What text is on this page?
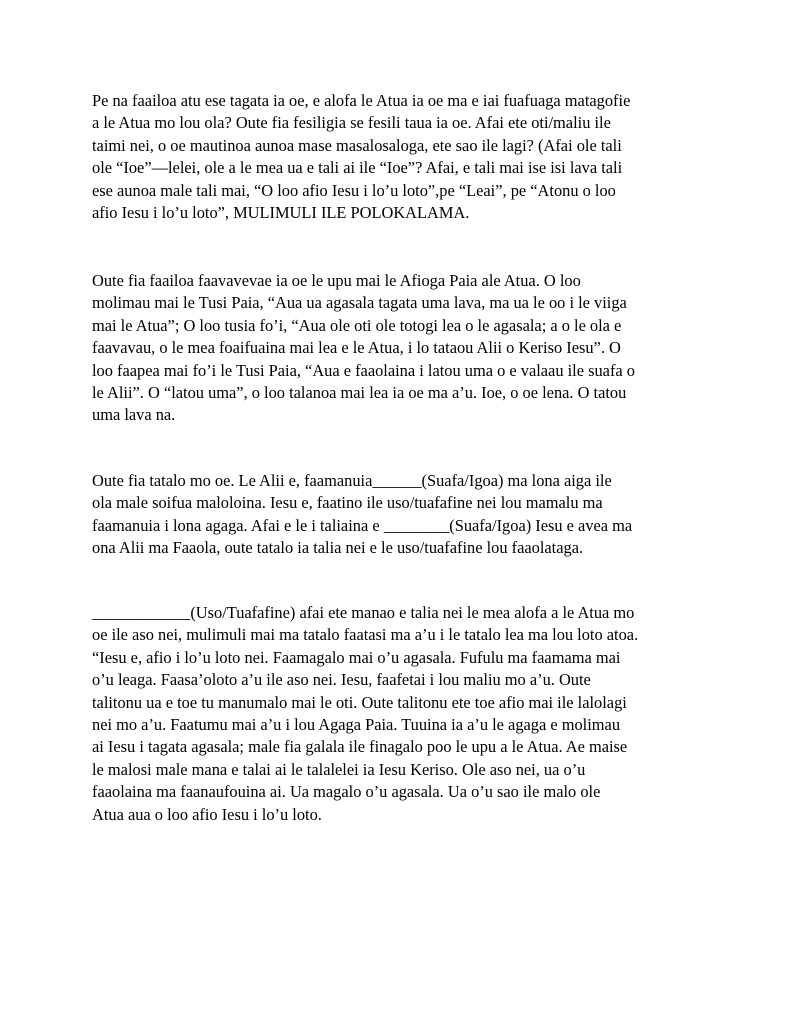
Pe na faailoa atu ese tagata ia oe, e alofa le Atua ia oe ma e iai fuafuaga matagofie
a le Atua mo lou ola? Oute fia fesiligia se fesili taua ia oe. Afai ete oti/maliu ile
taimi nei, o oe mautinoa aunoa mase masalosaloga, ete sao ile lagi? (Afai ole tali
ole “Ioe”—lelei, ole a le mea ua e tali ai ile “Ioe”? Afai, e tali mai ise isi lava tali
ese aunoa male tali mai, “O loo afio Iesu i lo’u loto”,pe “Leai”, pe “Atonu o loo
afio Iesu i lo’u loto”, MULIMULI ILE POLOKALAMA.

Oute fia faailoa faavavevae ia oe le upu mai le Afioga Paia ale Atua. O loo
molimau mai le Tusi Paia, “Aua ua agasala tagata uma lava, ma ua le oo i le viiga
mai le Atua”; O loo tusia fo’i, “Aua ole oti ole totogi lea o le agasala; a o le ola e
faavavau, o le mea foaifuaina mai lea e le Atua, i lo tataou Alii o Keriso Iesu”. O
loo faapea mai fo’i le Tusi Paia, “Aua e faaolaina i latou uma o e valaau ile suafa o
le Alii”. O “latou uma”, o loo talanoa mai lea ia oe ma a’u. Ioe, o oe lena. O tatou
uma lava na.

Oute fia tatalo mo oe. Le Alii e, faamanuia______(Suafa/Igoa) ma lona aiga ile
ola male soifua maloloina. Iesu e, faatino ile uso/tuafafine nei lou mamalu ma
faamanuia i lona agaga. Afai e le i taliaina e ________(Suafa/Igoa) Iesu e avea ma
ona Alii ma Faaola, oute tatalo ia talia nei e le uso/tuafafine lou faaolataga.

____________(Uso/Tuafafine) afai ete manao e talia nei le mea alofa a le Atua mo
oe ile aso nei, mulimuli mai ma tatalo faatasi ma a’u i le tatalo lea ma lou loto atoa.
“Iesu e, afio i lo’u loto nei. Faamagalo mai o’u agasala. Fufulu ma faamama mai
o’u leaga. Faasa’oloto a’u ile aso nei. Iesu, faafetai i lou maliu mo a’u. Oute
talitonu ua e toe tu manumalo mai le oti. Oute talitonu ete toe afio mai ile lalolagi
nei mo a’u. Faatumu mai a’u i lou Agaga Paia. Tuuina ia a’u le agaga e molimau
ai Iesu i tagata agasala; male fia galala ile finagalo poo le upu a le Atua. Ae maise
le malosi male mana e talai ai le talalelei ia Iesu Keriso. Ole aso nei, ua o’u
faaolaina ma faanaufouina ai. Ua magalo o’u agasala. Ua o’u sao ile malo ole
Atua aua o loo afio Iesu i lo’u loto.
